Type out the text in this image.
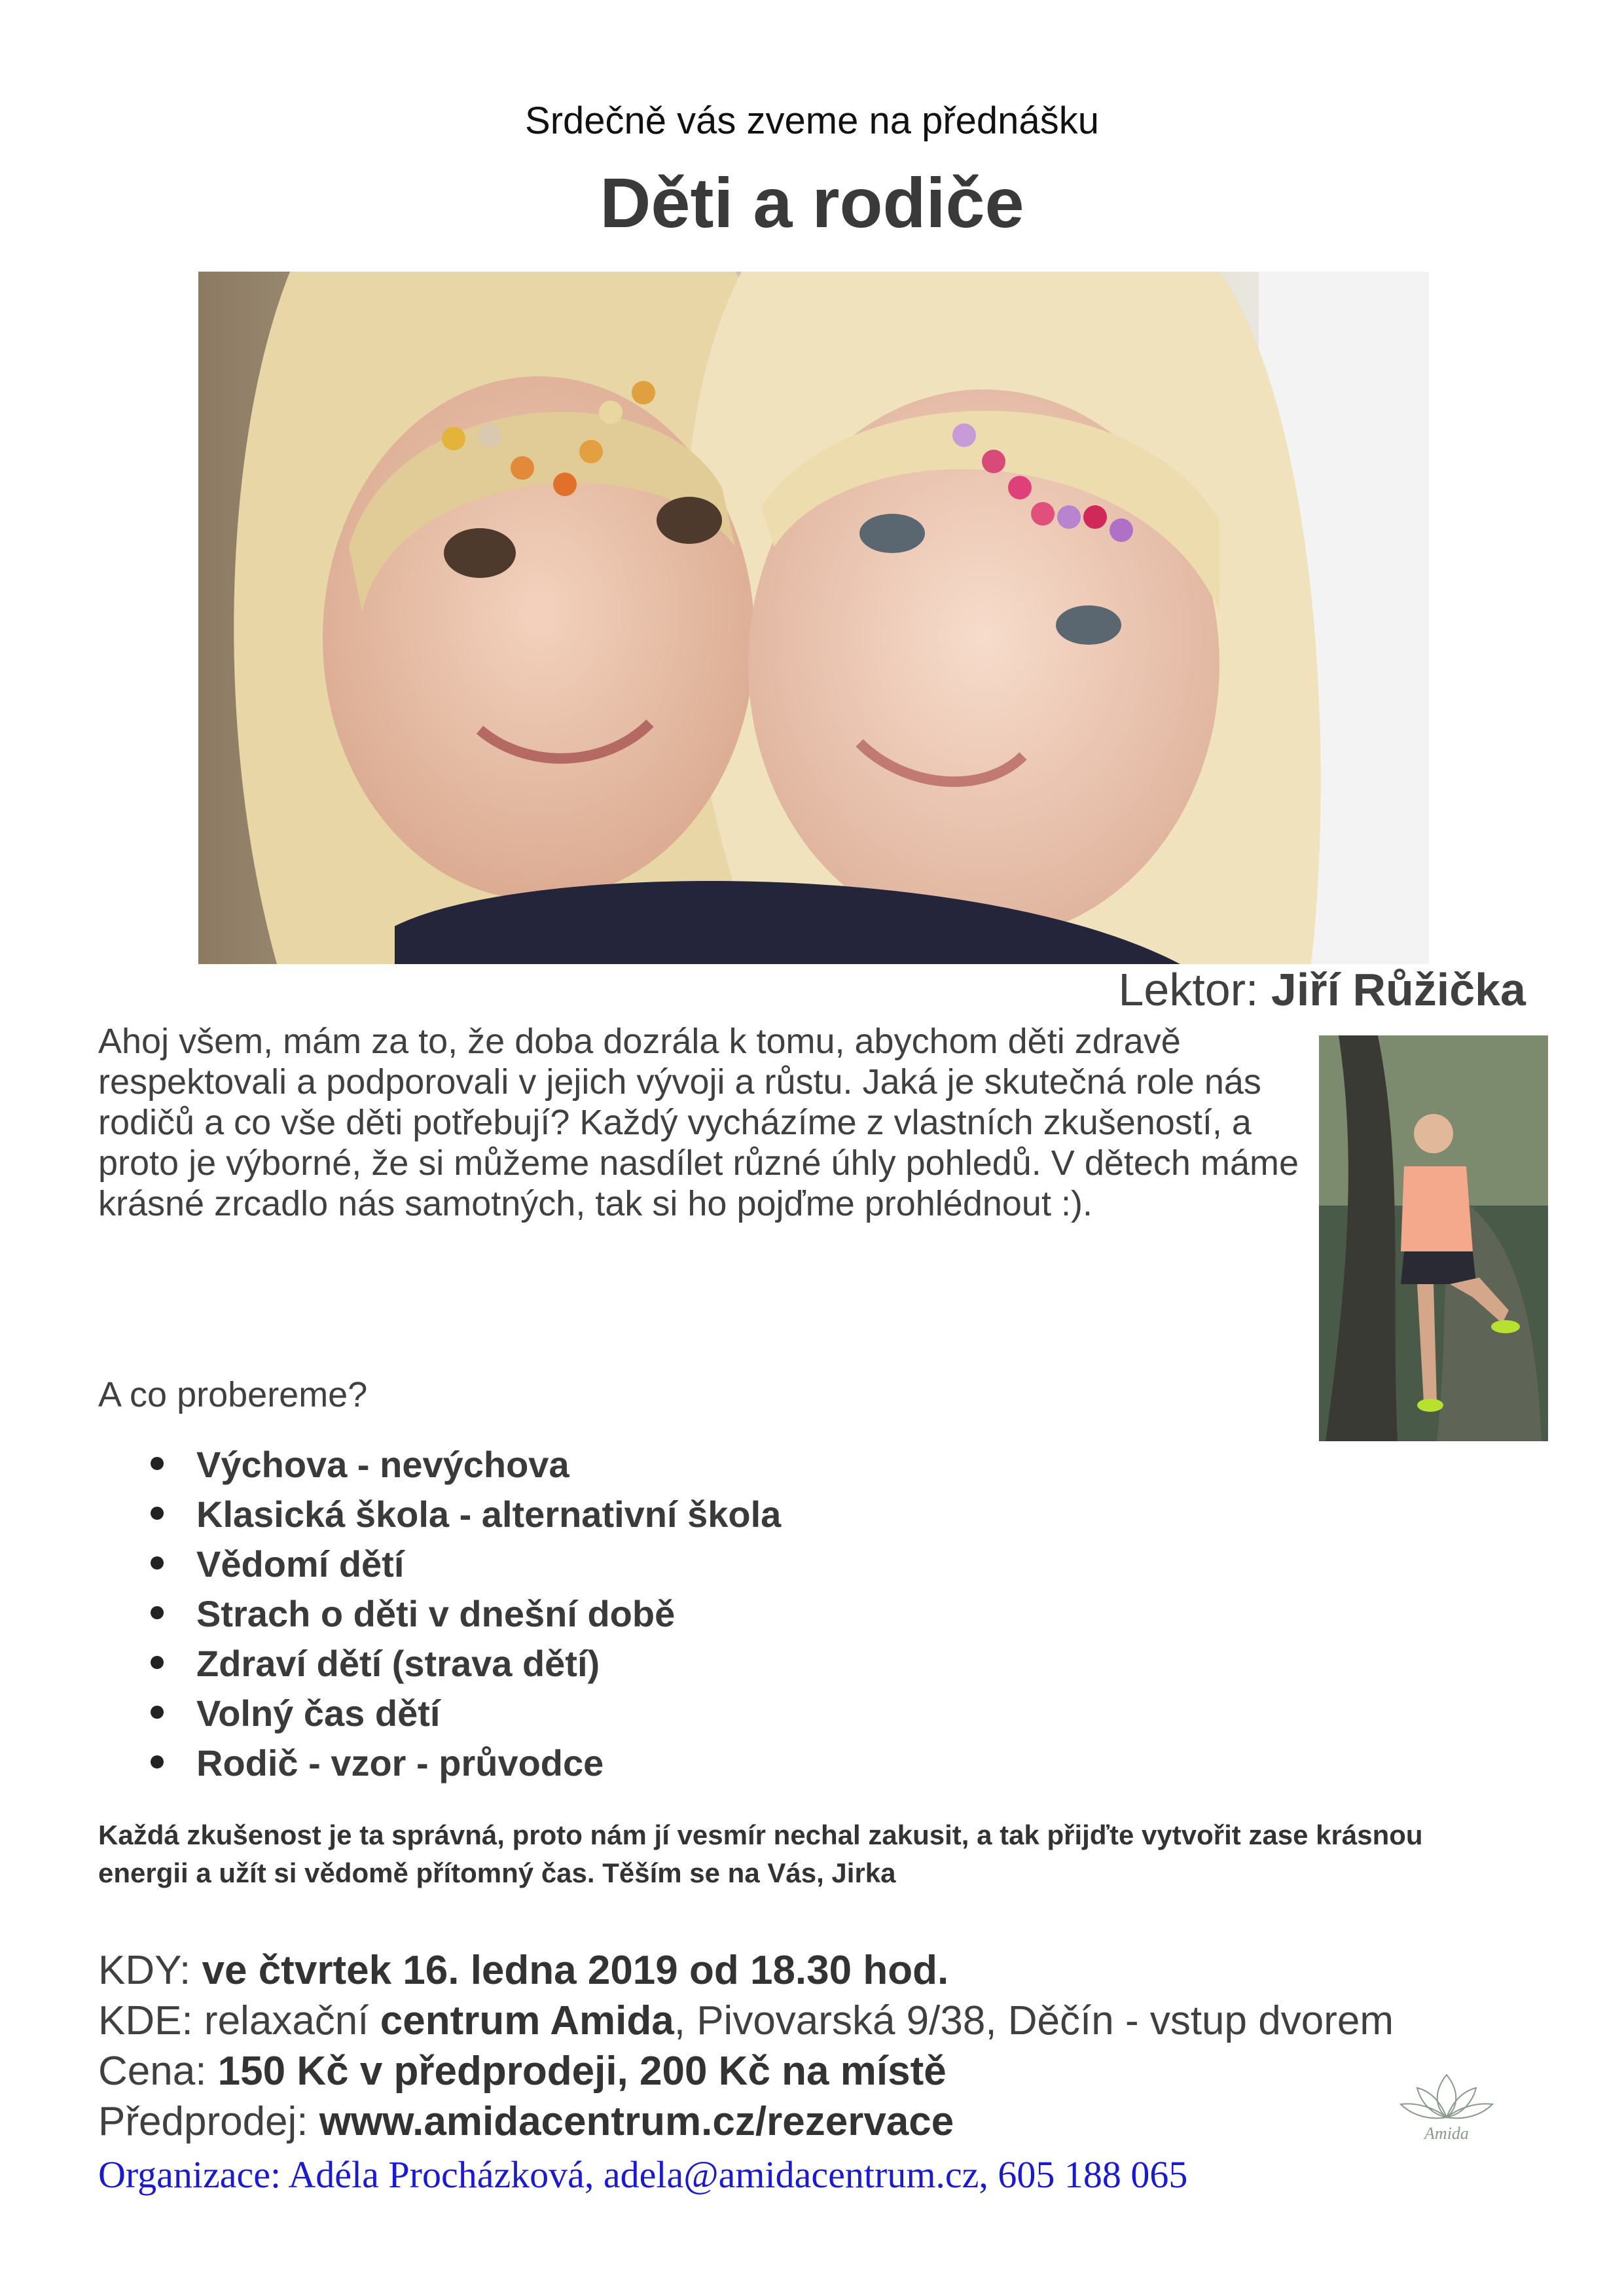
Srdečně vás zveme na přednášku
Děti a rodiče
Lektor: Jiří Růžička
Ahoj všem, mám za to, že doba dozrála k tomu, abychom děti zdravě respektovali a podporovali v jejich vývoji a růstu. Jaká je skutečná role nás rodičů a co vše děti potřebují? Každý vycházíme z vlastních zkušeností, a proto je výborné, že si můžeme nasdílet různé úhly pohledů. V dětech máme krásné zrcadlo nás samotných, tak si ho pojďme prohlédnout :).
A co probereme?
Výchova - nevýchova
Klasická škola - alternativní škola
Vědomí dětí
Strach o děti v dnešní době
Zdraví dětí (strava dětí)
Volný čas dětí
Rodič - vzor - průvodce
Každá zkušenost je ta správná, proto nám jí vesmír nechal zakusit, a tak přijďte vytvořit zase krásnou energii a užít si vědomě přítomný čas. Těším se na Vás, Jirka
KDY: ve čtvrtek 16. ledna 2019 od 18.30 hod.
KDE: relaxační centrum Amida, Pivovarská 9/38, Děčín - vstup dvorem
Cena: 150 Kč v předprodeji, 200 Kč na místě
Předprodej: www.amidacentrum.cz/rezervace	Amida
Organizace: Adéla Procházková, adela@amidacentrum.cz, 605 188 065
